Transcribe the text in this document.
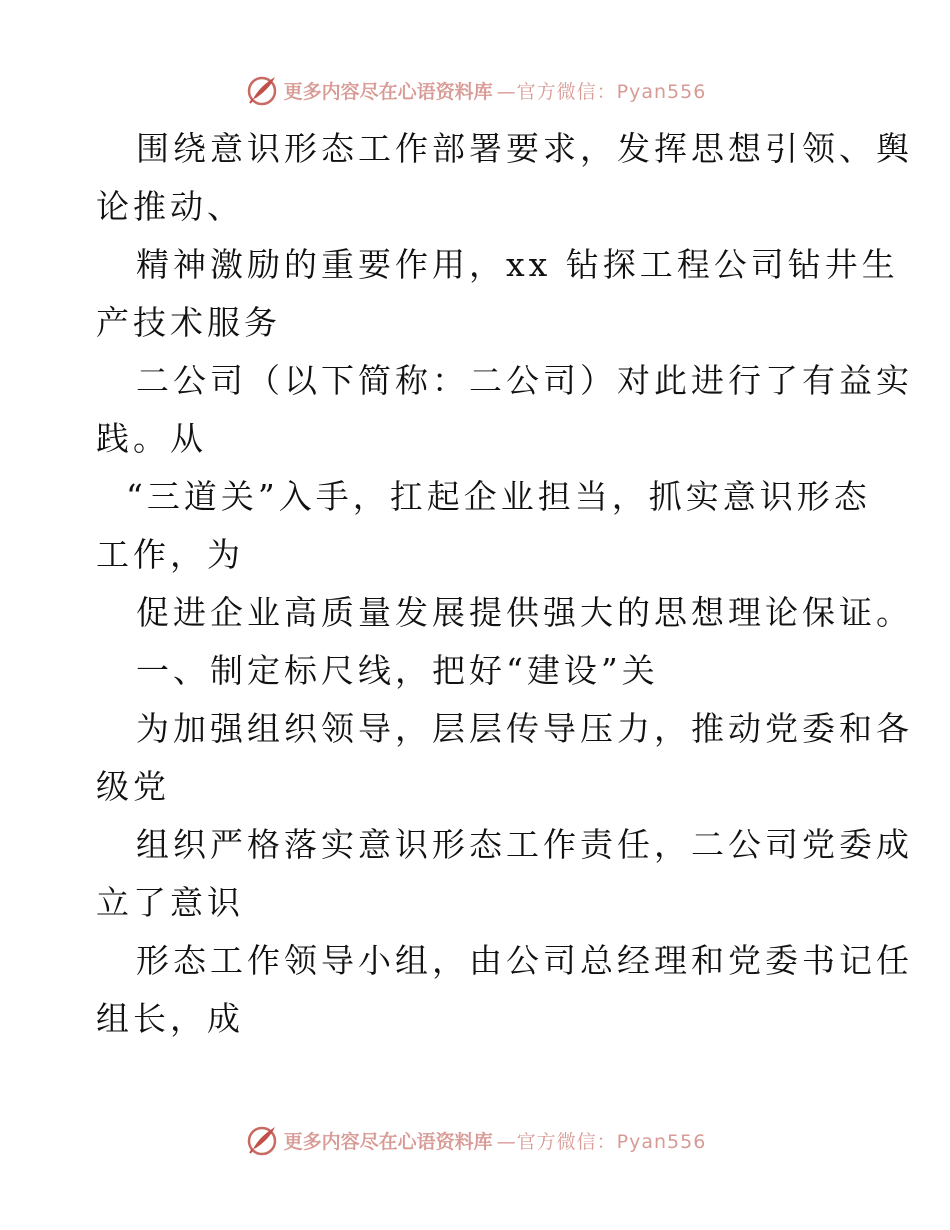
更多内容尽在心语资料库 —官方微信：Pyan556
围绕意识形态工作部署要求，发挥思想引领、舆
论推动、
精神激励的重要作用，xx 钻探工程公司钻井生
产技术服务
二公司（以下简称：二公司）对此进行了有益实
践。从
“三道关”入手，扛起企业担当，抓实意识形态
工作，为
促进企业高质量发展提供强大的思想理论保证。
一、制定标尺线，把好“建设”关
为加强组织领导，层层传导压力，推动党委和各
级党
组织严格落实意识形态工作责任，二公司党委成
立了意识
形态工作领导小组，由公司总经理和党委书记任
组长，成
更多内容尽在心语资料库 —官方微信：Pyan556
